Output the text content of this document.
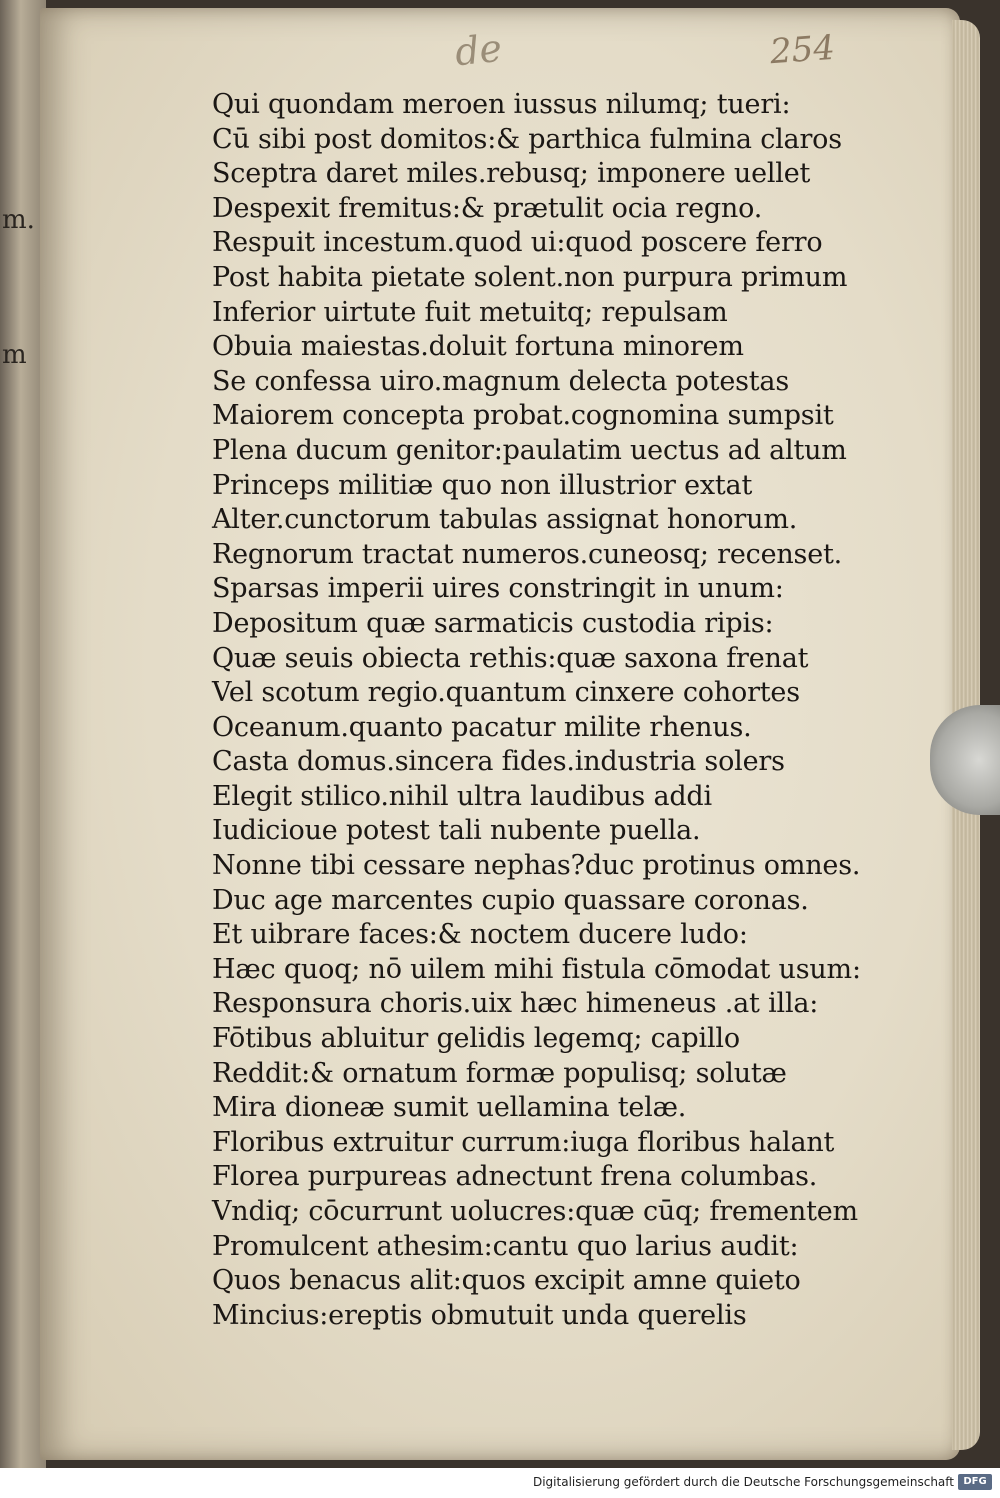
m.
m
de	254
Qui quondam meroen iussus nilumq; tueri:
Cū sibi post domitos:& parthica fulmina claros
Sceptra daret miles.rebusq; imponere uellet
Despexit fremitus:& prætulit ocia regno.
Respuit incestum.quod ui:quod poscere ferro
Post habita pietate solent.non purpura primum
Inferior uirtute fuit metuitq; repulsam
Obuia maiestas.doluit fortuna minorem
Se confessa uiro.magnum delecta potestas
Maiorem concepta probat.cognomina sumpsit
Plena ducum genitor:paulatim uectus ad altum
Princeps militiæ quo non illustrior extat
Alter.cunctorum tabulas assignat honorum.
Regnorum tractat numeros.cuneosq; recenset.
Sparsas imperii uires constringit in unum:
Depositum quæ sarmaticis custodia ripis:
Quæ seuis obiecta rethis:quæ saxona frenat
Vel scotum regio.quantum cinxere cohortes
Oceanum.quanto pacatur milite rhenus.
Casta domus.sincera fides.industria solers
Elegit stilico.nihil ultra laudibus addi
Iudicioue potest tali nubente puella.
Nonne tibi cessare nephas?duc protinus omnes.
Duc age marcentes cupio quassare coronas.
Et uibrare faces:& noctem ducere ludo:
Hæc quoq; nō uilem mihi fistula cōmodat usum:
Responsura choris.uix hæc himeneus .at illa:
Fōtibus abluitur gelidis legemq; capillo
Reddit:& ornatum formæ populisq; solutæ
Mira dioneæ sumit uellamina telæ.
Floribus extruitur currum:iuga floribus halant
Florea purpureas adnectunt frena columbas.
Vndiq; cōcurrunt uolucres:quæ cūq; frementem
Promulcent athesim:cantu quo larius audit:
Quos benacus alit:quos excipit amne quieto
Mincius:ereptis obmutuit unda querelis
Digitalisierung gefördert durch die Deutsche Forschungsgemeinschaft DFG
